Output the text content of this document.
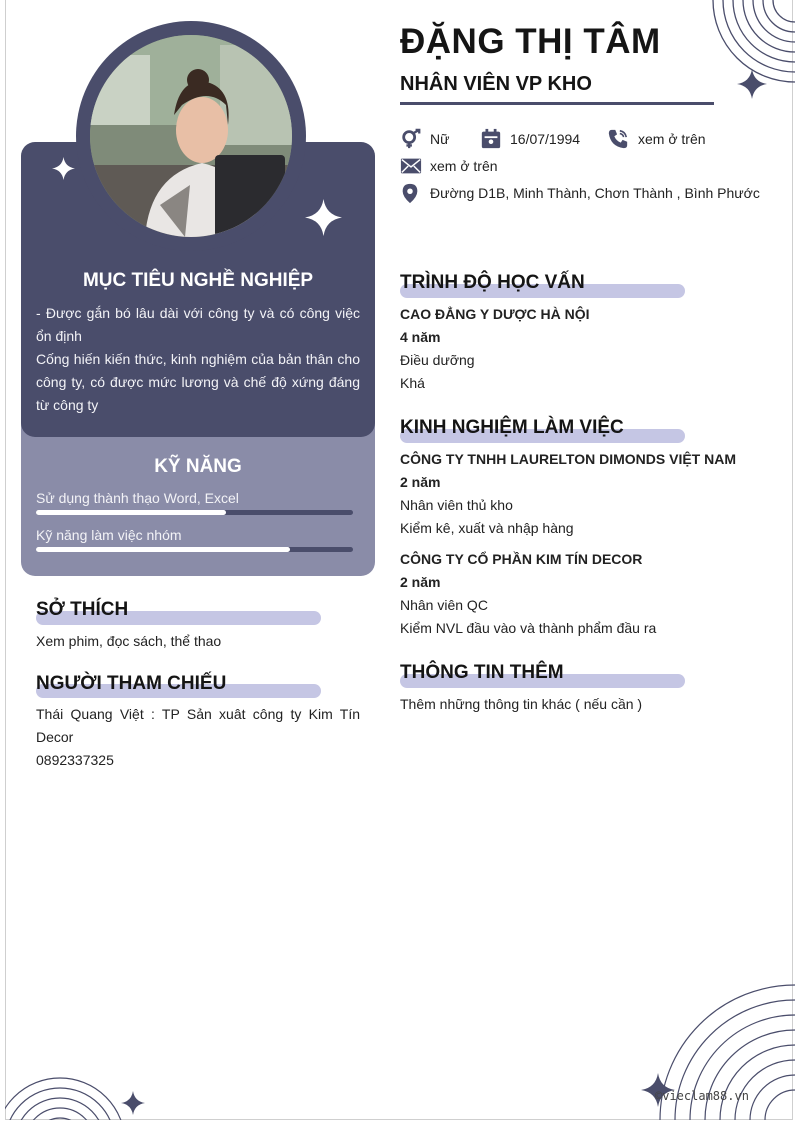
MỤC TIÊU NGHỀ NGHIỆP
- Được gắn bó lâu dài với công ty và có công việc ổn định
Cống hiến kiến thức, kinh nghiệm của bản thân cho công ty, có được mức lương và chế độ xứng đáng từ công ty
KỸ NĂNG
Sử dụng thành thạo Word, Excel
Kỹ năng làm việc nhóm
SỞ THÍCH
Xem phim, đọc sách, thể thao
NGƯỜI THAM CHIẾU
Thái Quang Việt : TP Sản xuât công ty Kim Tín
Decor
0892337325
ĐẶNG THỊ TÂM
NHÂN VIÊN VP KHO
Nữ	16/07/1994	xem ở trên
xem ở trên
Đường D1B, Minh Thành, Chơn Thành , Bình Phước
TRÌNH ĐỘ HỌC VẤN
CAO ĐẲNG Y DƯỢC HÀ NỘI
4 năm
Điều dưỡng
Khá
KINH NGHIỆM LÀM VIỆC
CÔNG TY TNHH LAURELTON DIMONDS VIỆT NAM
2 năm
Nhân viên thủ kho
Kiểm kê, xuất và nhập hàng
CÔNG TY CỔ PHẦN KIM TÍN DECOR
2 năm
Nhân viên QC
Kiểm NVL đầu vào và thành phẩm đầu ra
THÔNG TIN THÊM
Thêm những thông tin khác ( nếu cần )
©vieclam88.vn
